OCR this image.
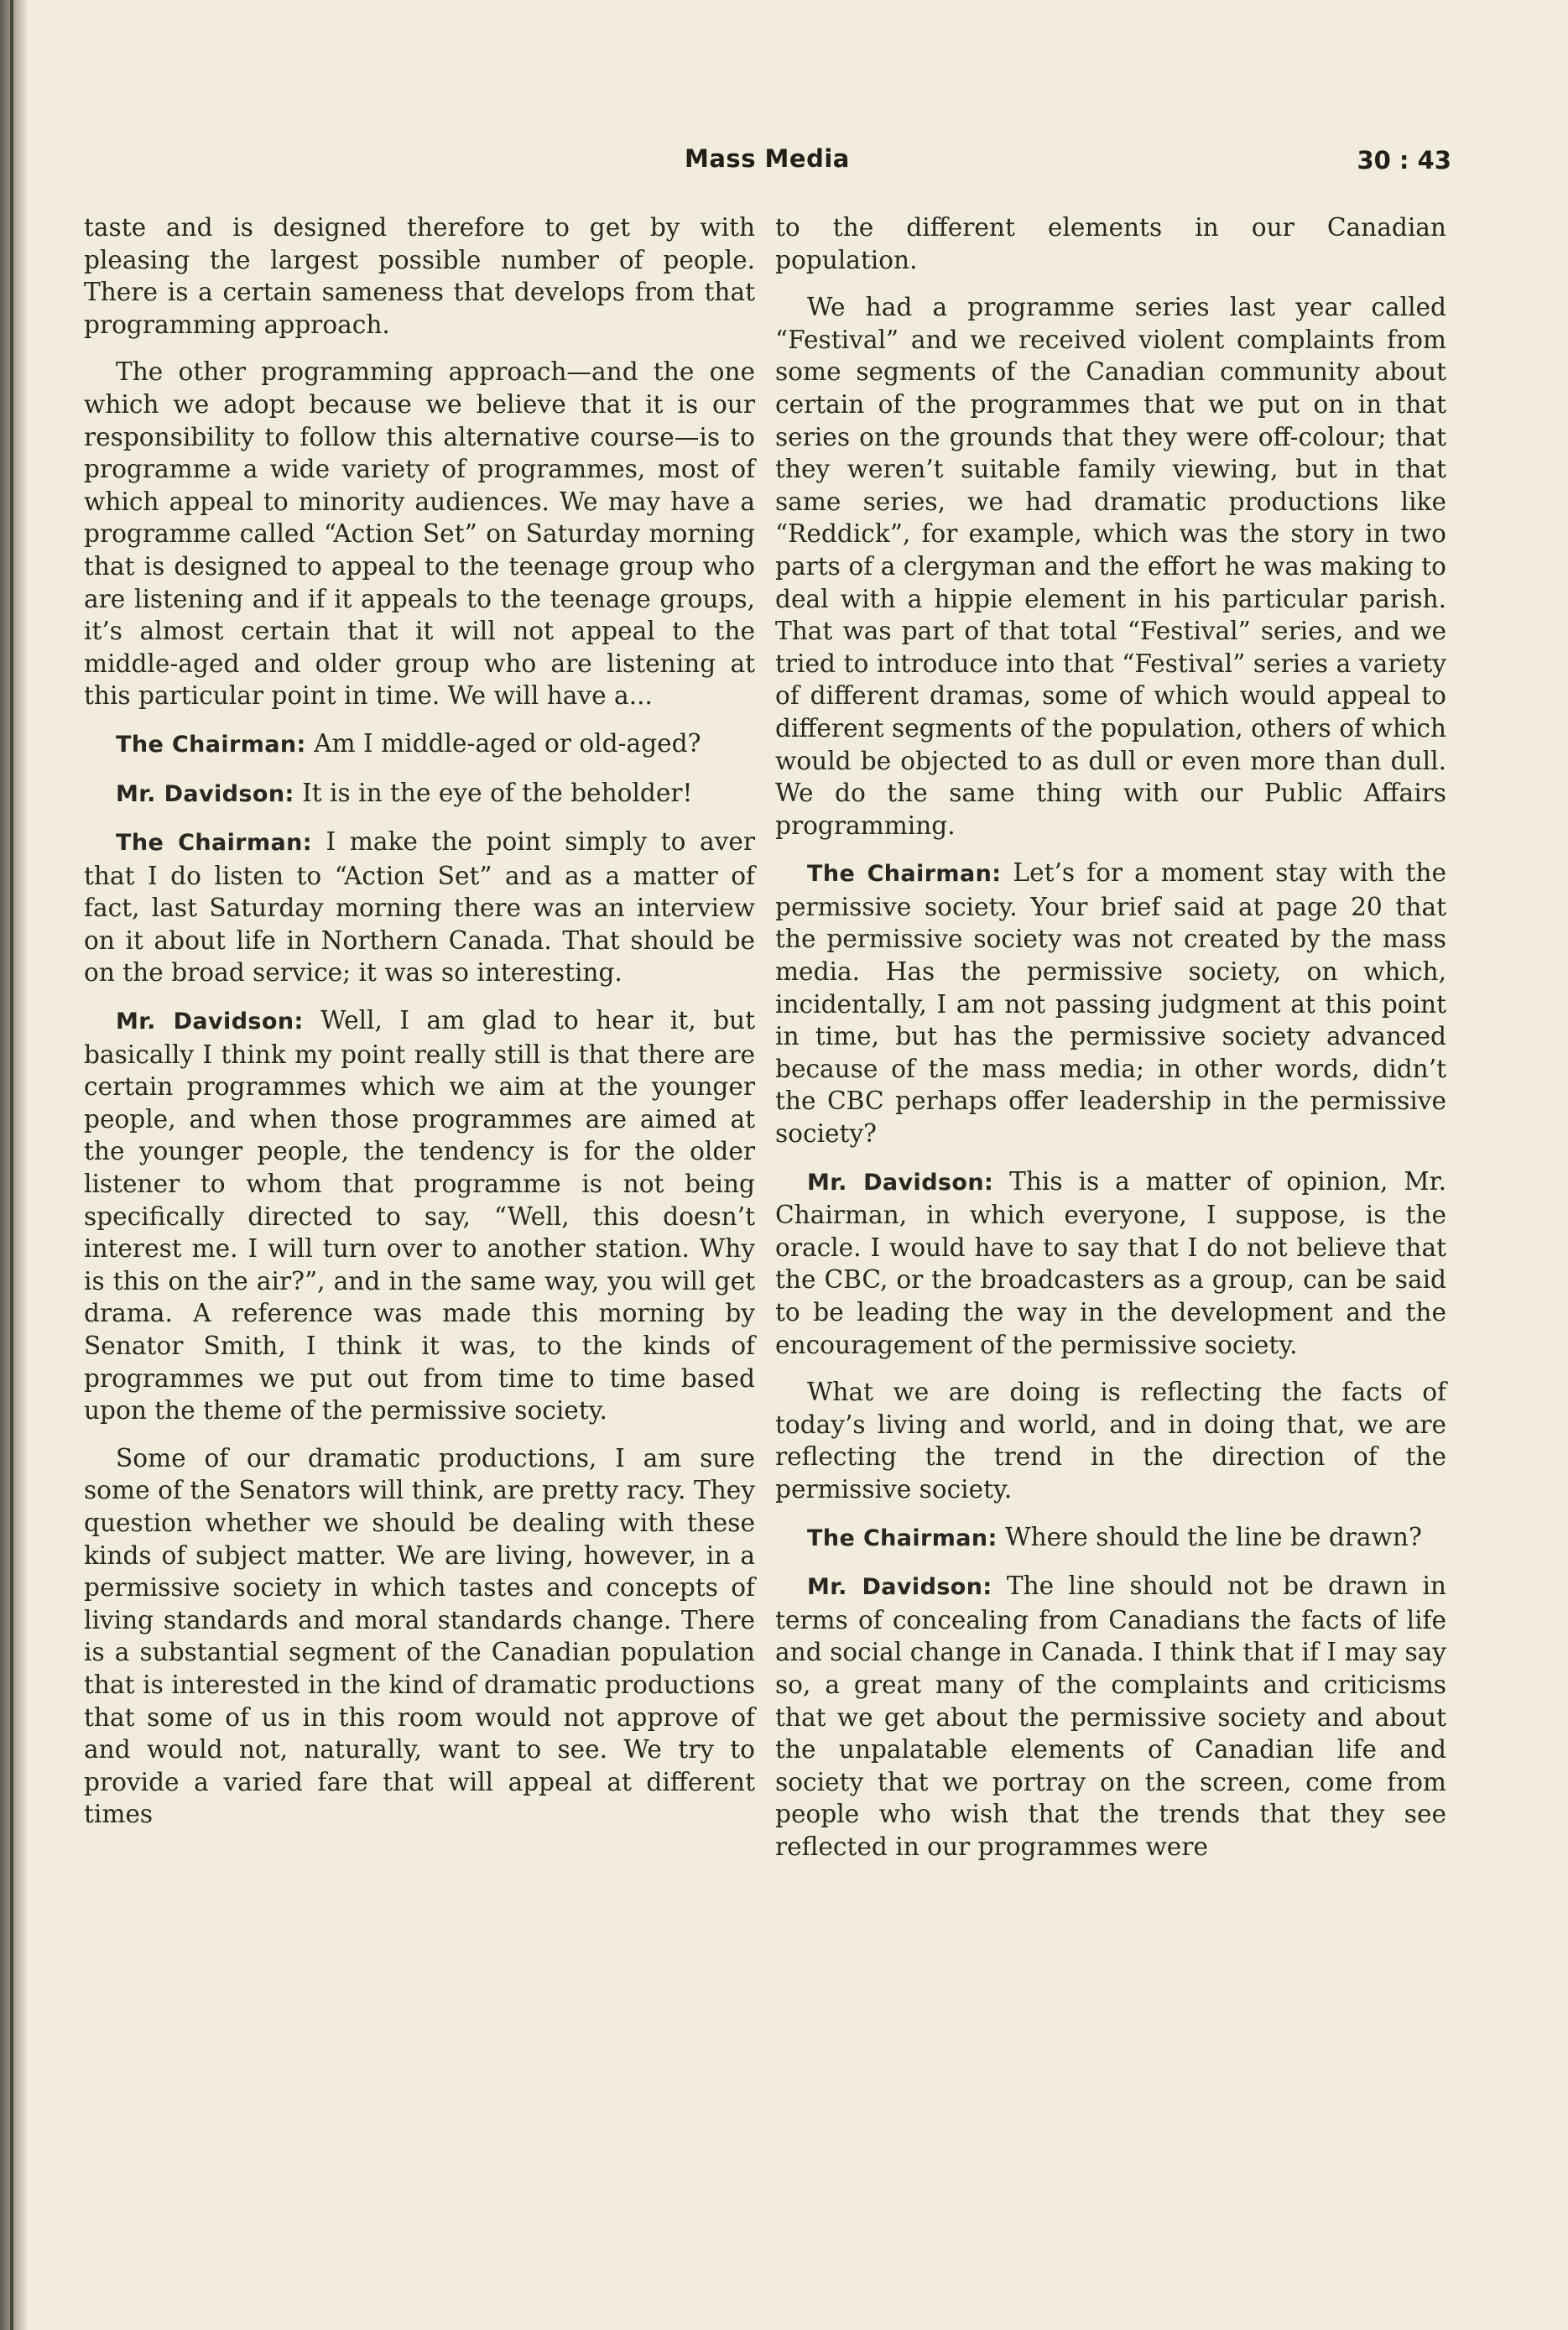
Mass Media	30 : 43

taste and is designed therefore to get by with pleasing the largest possible number of people. There is a certain sameness that develops from that programming approach.

The other programming approach—and the one which we adopt because we believe that it is our responsibility to follow this alternative course—is to programme a wide variety of programmes, most of which appeal to minority audiences. We may have a programme called “Action Set” on Saturday morning that is designed to appeal to the teenage group who are listening and if it appeals to the teenage groups, it’s almost certain that it will not appeal to the middle-aged and older group who are listening at this particular point in time. We will have a...

The Chairman: Am I middle-aged or old-aged?

Mr. Davidson: It is in the eye of the beholder!

The Chairman: I make the point simply to aver that I do listen to “Action Set” and as a matter of fact, last Saturday morning there was an interview on it about life in Northern Canada. That should be on the broad service; it was so interesting.

Mr. Davidson: Well, I am glad to hear it, but basically I think my point really still is that there are certain programmes which we aim at the younger people, and when those programmes are aimed at the younger people, the tendency is for the older listener to whom that programme is not being specifically directed to say, “Well, this doesn’t interest me. I will turn over to another station. Why is this on the air?”, and in the same way, you will get drama. A reference was made this morning by Senator Smith, I think it was, to the kinds of programmes we put out from time to time based upon the theme of the permissive society.

Some of our dramatic productions, I am sure some of the Senators will think, are pretty racy. They question whether we should be dealing with these kinds of subject matter. We are living, however, in a permissive society in which tastes and concepts of living standards and moral standards change. There is a substantial segment of the Canadian population that is interested in the kind of dramatic productions that some of us in this room would not approve of and would not, naturally, want to see. We try to provide a varied fare that will appeal at different times

to the different elements in our Canadian population.

We had a programme series last year called “Festival” and we received violent complaints from some segments of the Canadian community about certain of the programmes that we put on in that series on the grounds that they were off-colour; that they weren’t suitable family viewing, but in that same series, we had dramatic productions like “Reddick”, for example, which was the story in two parts of a clergyman and the effort he was making to deal with a hippie element in his particular parish. That was part of that total “Festival” series, and we tried to introduce into that “Festival” series a variety of different dramas, some of which would appeal to different segments of the population, others of which would be objected to as dull or even more than dull. We do the same thing with our Public Affairs programming.

The Chairman: Let’s for a moment stay with the permissive society. Your brief said at page 20 that the permissive society was not created by the mass media. Has the permissive society, on which, incidentally, I am not passing judgment at this point in time, but has the permissive society advanced because of the mass media; in other words, didn’t the CBC perhaps offer leadership in the permissive society?

Mr. Davidson: This is a matter of opinion, Mr. Chairman, in which everyone, I suppose, is the oracle. I would have to say that I do not believe that the CBC, or the broadcasters as a group, can be said to be leading the way in the development and the encouragement of the permissive society.

What we are doing is reflecting the facts of today’s living and world, and in doing that, we are reflecting the trend in the direction of the permissive society.

The Chairman: Where should the line be drawn?

Mr. Davidson: The line should not be drawn in terms of concealing from Canadians the facts of life and social change in Canada. I think that if I may say so, a great many of the complaints and criticisms that we get about the permissive society and about the unpalatable elements of Canadian life and society that we portray on the screen, come from people who wish that the trends that they see reflected in our programmes were
